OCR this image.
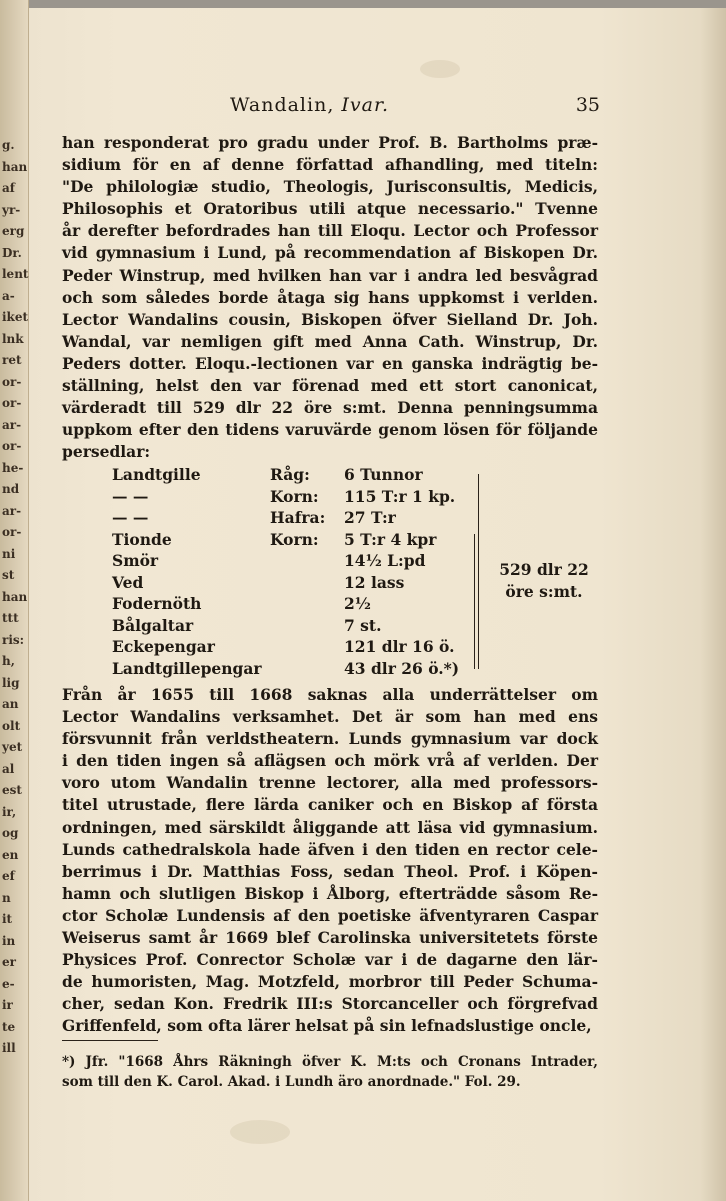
g.
han
af
yr-
erg
Dr.
lent
a-
iket
lnk
ret
or-
or-
ar-
or-
he-
nd
ar-
or-
ni
st
han
ttt
ris:
h,
lig
an
olt
yet
al
est
ir,
og
en
ef
n
it
in
er
e-
ir
te
ill
Wandalin, Ivar.	35
han responderat pro gradu under Prof. B. Bartholms præ-
sidium för en af denne författad afhandling, med titeln:
"De philologiæ studio, Theologis, Jurisconsultis, Medicis,
Philosophis et Oratoribus utili atque necessario." Tvenne
år derefter befordrades han till Eloqu. Lector och Professor
vid gymnasium i Lund, på recommendation af Biskopen Dr.
Peder Winstrup, med hvilken han var i andra led besvågrad
och som således borde åtaga sig hans uppkomst i verlden.
Lector Wandalins cousin, Biskopen öfver Sielland Dr. Joh.
Wandal, var nemligen gift med Anna Cath. Winstrup, Dr.
Peders dotter. Eloqu.-lectionen var en ganska indrägtig be-
ställning, helst den var förenad med ett stort canonicat,
värderadt till 529 dlr 22 öre s:mt. Denna penningsumma
uppkom efter den tidens varuvärde genom lösen för följande
persedlar:
Landtgille	Råg: 6 Tunnor
— —	Korn: 115 T:r 1 kp.
— —	Hafra: 27 T:r
Tionde	Korn: 5 T:r 4 kpr
Smör	14½ L:pd
Ved	12 lass
Fodernöth	2½
Bålgaltar	7 st.
Eckepengar	121 dlr 16 ö.
Landtgillepengar	43 dlr 26 ö.*)
529 dlr 22
öre s:mt.
Från år 1655 till 1668 saknas alla underrättelser om
Lector Wandalins verksamhet. Det är som han med ens
försvunnit från verldstheatern. Lunds gymnasium var dock
i den tiden ingen så aflägsen och mörk vrå af verlden. Der
voro utom Wandalin trenne lectorer, alla med professors-
titel utrustade, flere lärda caniker och en Biskop af första
ordningen, med särskildt åliggande att läsa vid gymnasium.
Lunds cathedralskola hade äfven i den tiden en rector cele-
berrimus i Dr. Matthias Foss, sedan Theol. Prof. i Köpen-
hamn och slutligen Biskop i Ålborg, efterträdde såsom Re-
ctor Scholæ Lundensis af den poetiske äfventyraren Caspar
Weiserus samt år 1669 blef Carolinska universitetets förste
Physices Prof. Conrector Scholæ var i de dagarne den lär-
de humoristen, Mag. Motzfeld, morbror till Peder Schuma-
cher, sedan Kon. Fredrik III:s Storcanceller och förgrefvad
Griffenfeld, som ofta lärer helsat på sin lefnadslustige oncle,
*) Jfr. "1668 Åhrs Räkningh öfver K. M:ts och Cronans Intrader,
som till den K. Carol. Akad. i Lundh äro anordnade." Fol. 29.
